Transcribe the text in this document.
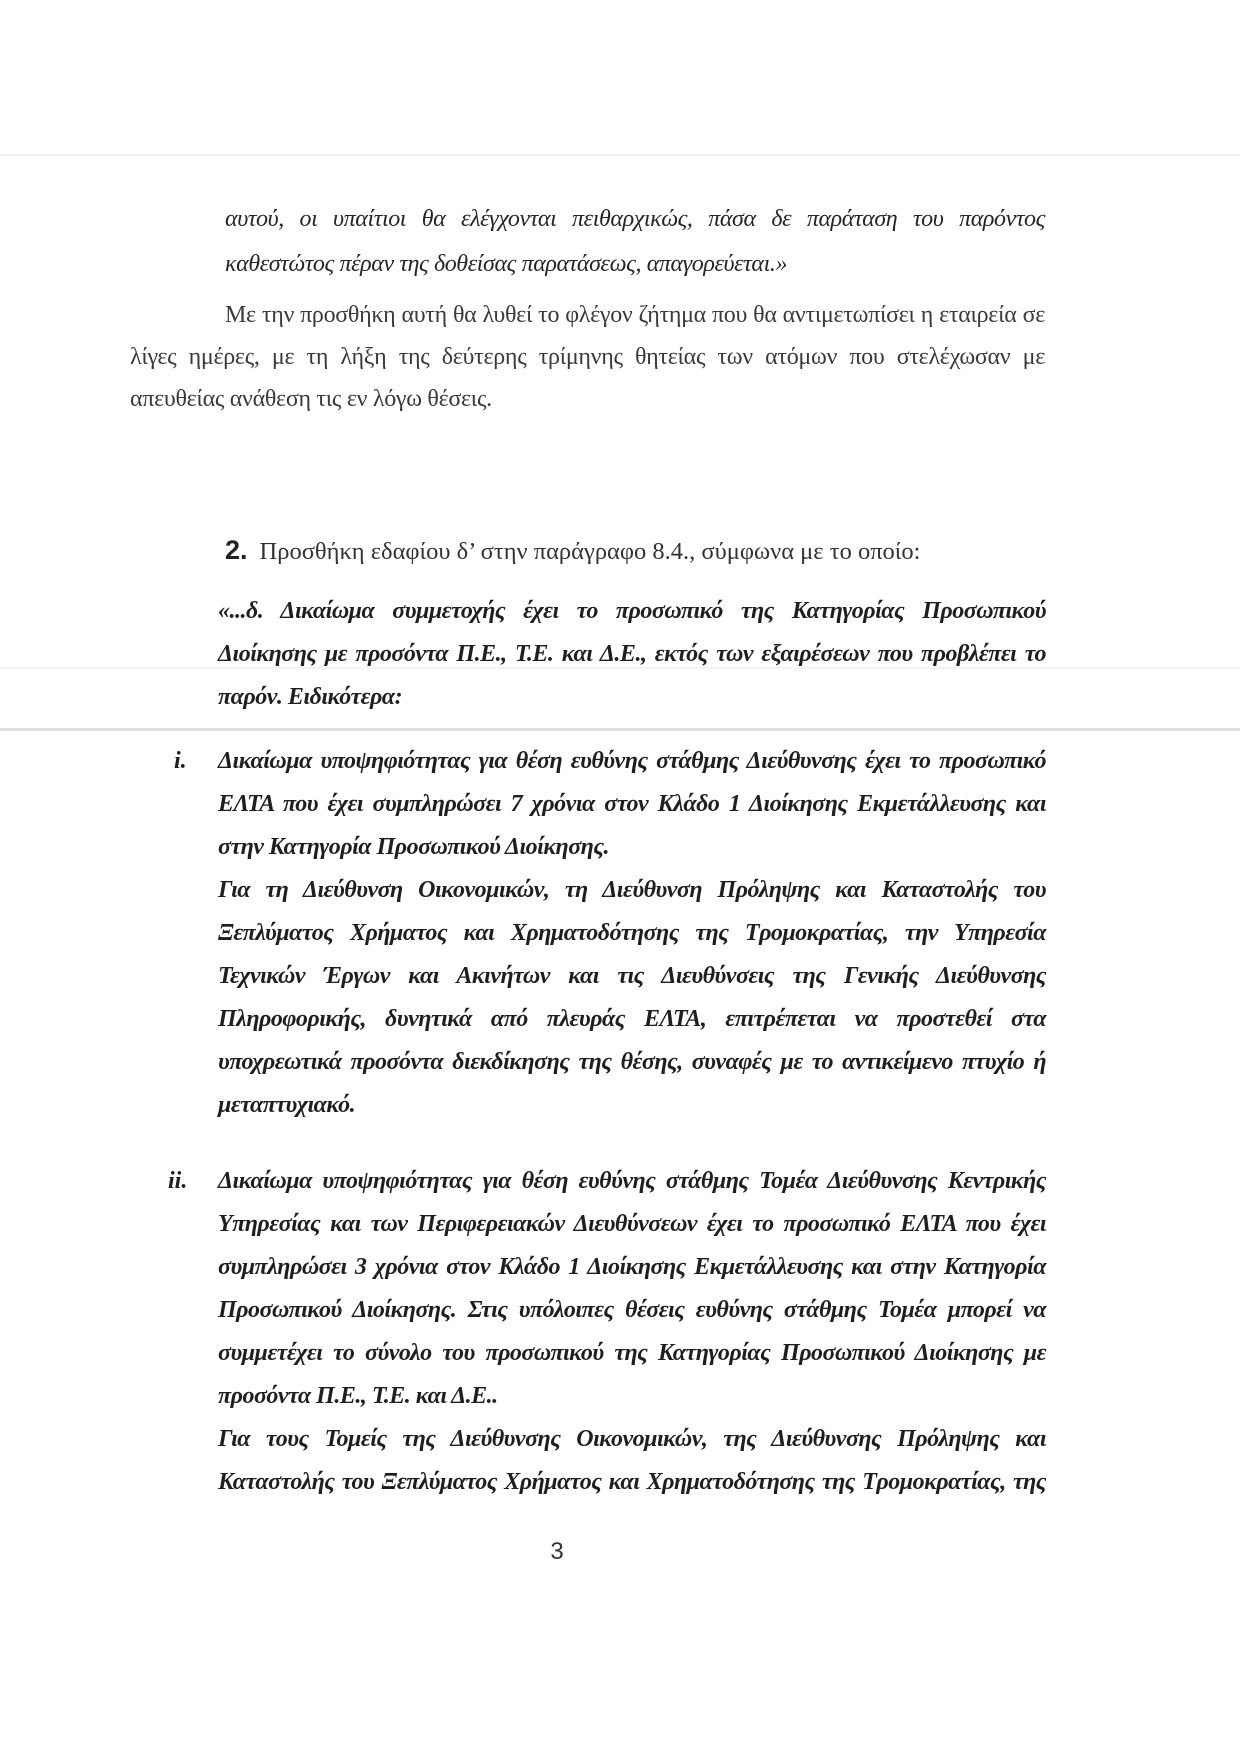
αυτού, οι υπαίτιοι θα ελέγχονται πειθαρχικώς, πάσα δε παράταση του παρόντος
καθεστώτος πέραν της δοθείσας παρατάσεως, απαγορεύεται.»
Με την προσθήκη αυτή θα λυθεί το φλέγον ζήτημα που θα αντιμετωπίσει η εταιρεία σε
λίγες ημέρες, με τη λήξη της δεύτερης τρίμηνης θητείας των ατόμων που στελέχωσαν με
απευθείας ανάθεση τις εν λόγω θέσεις.
2. Προσθήκη εδαφίου δ’ στην παράγραφο 8.4., σύμφωνα με το οποίο:
«...δ. Δικαίωμα συμμετοχής έχει το προσωπικό της Κατηγορίας Προσωπικού
Διοίκησης με προσόντα Π.Ε., Τ.Ε. και Δ.Ε., εκτός των εξαιρέσεων που προβλέπει το
παρόν. Ειδικότερα:
i. Δικαίωμα υποψηφιότητας για θέση ευθύνης στάθμης Διεύθυνσης έχει το προσωπικό
ΕΛΤΑ που έχει συμπληρώσει 7 χρόνια στον Κλάδο 1 Διοίκησης Εκμετάλλευσης και
στην Κατηγορία Προσωπικού Διοίκησης.
Για τη Διεύθυνση Οικονομικών, τη Διεύθυνση Πρόληψης και Καταστολής του
Ξεπλύματος Χρήματος και Χρηματοδότησης της Τρομοκρατίας, την Υπηρεσία
Τεχνικών Έργων και Ακινήτων και τις Διευθύνσεις της Γενικής Διεύθυνσης
Πληροφορικής, δυνητικά από πλευράς ΕΛΤΑ, επιτρέπεται να προστεθεί στα
υποχρεωτικά προσόντα διεκδίκησης της θέσης, συναφές με το αντικείμενο πτυχίο ή
μεταπτυχιακό.
ii. Δικαίωμα υποψηφιότητας για θέση ευθύνης στάθμης Τομέα Διεύθυνσης Κεντρικής
Υπηρεσίας και των Περιφερειακών Διευθύνσεων έχει το προσωπικό ΕΛΤΑ που έχει
συμπληρώσει 3 χρόνια στον Κλάδο 1 Διοίκησης Εκμετάλλευσης και στην Κατηγορία
Προσωπικού Διοίκησης. Στις υπόλοιπες θέσεις ευθύνης στάθμης Τομέα μπορεί να
συμμετέχει το σύνολο του προσωπικού της Κατηγορίας Προσωπικού Διοίκησης με
προσόντα Π.Ε., Τ.Ε. και Δ.Ε..
Για τους Τομείς της Διεύθυνσης Οικονομικών, της Διεύθυνσης Πρόληψης και
Καταστολής του Ξεπλύματος Χρήματος και Χρηματοδότησης της Τρομοκρατίας, της
3
